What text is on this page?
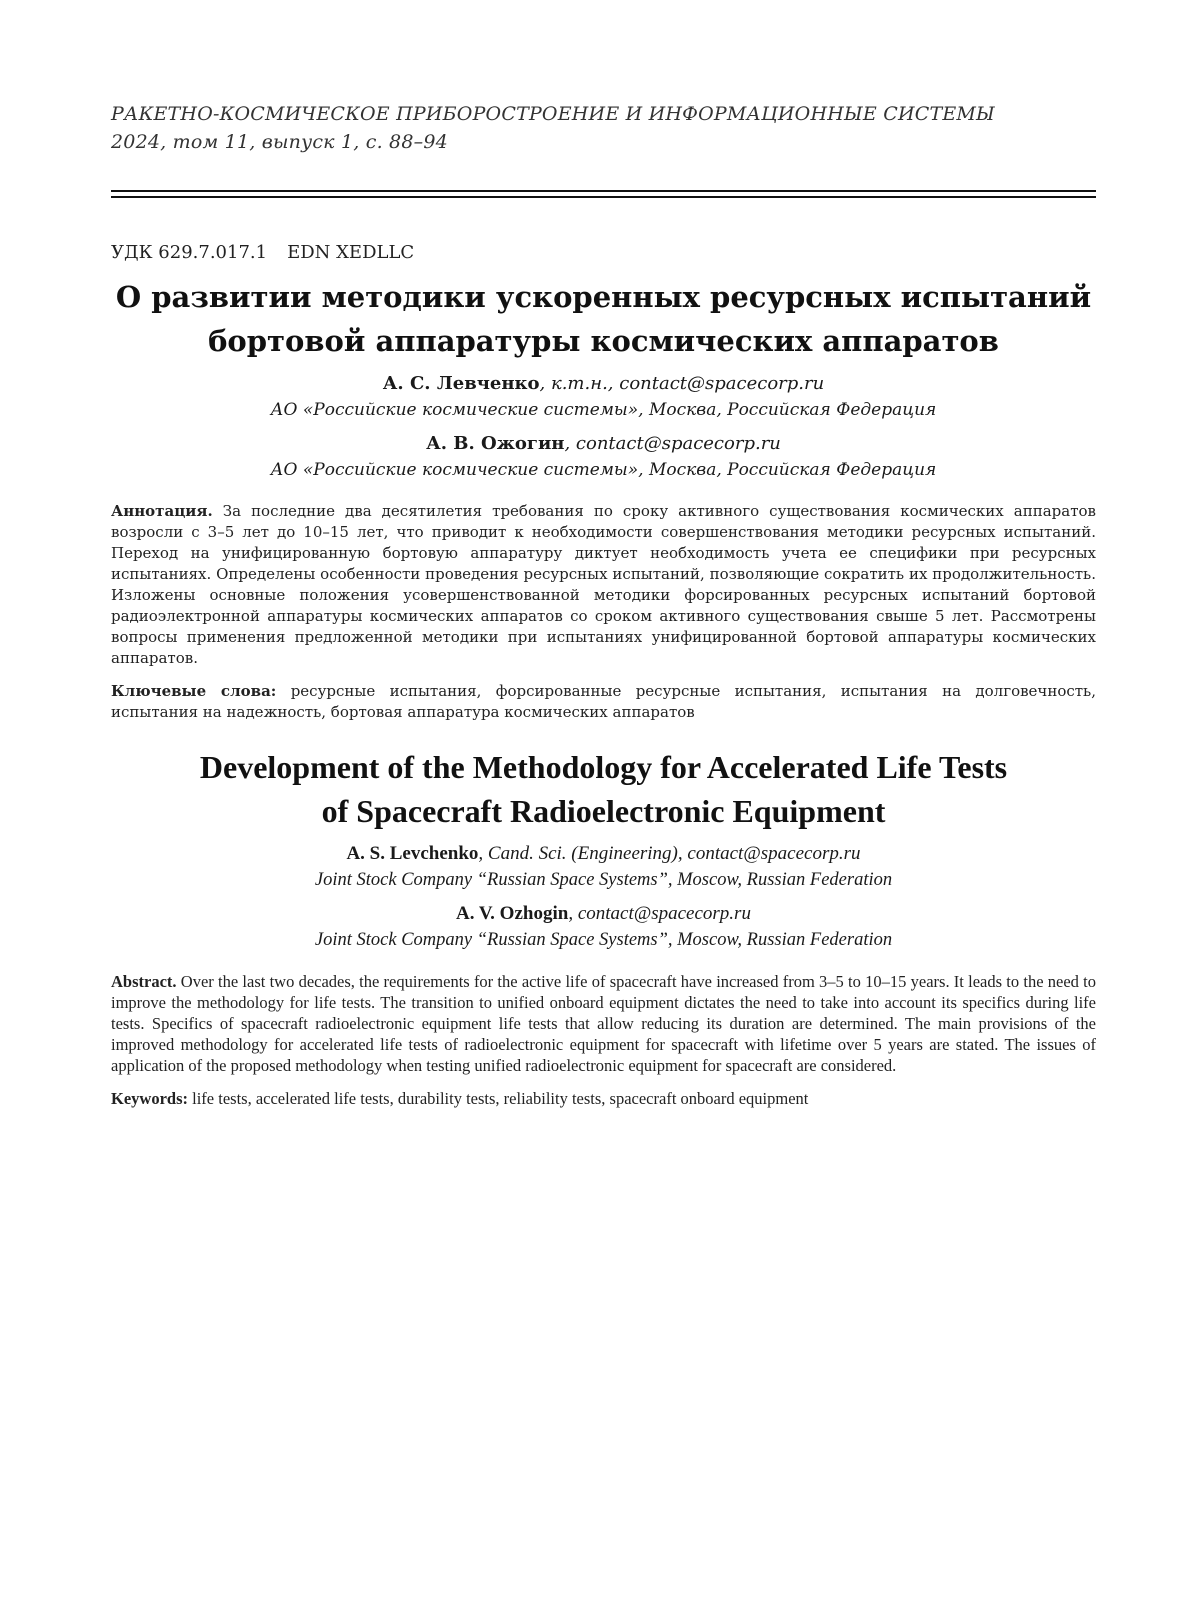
РАКЕТНО-КОСМИЧЕСКОЕ ПРИБОРОСТРОЕНИЕ И ИНФОРМАЦИОННЫЕ СИСТЕМЫ
2024, том 11, выпуск 1, с. 88–94
УДК 629.7.017.1 EDN XEDLLC
О развитии методики ускоренных ресурсных испытаний
бортовой аппаратуры космических аппаратов
А. С. Левченко, к.т.н., contact@spacecorp.ru
АО «Российские космические системы», Москва, Российская Федерация
А. В. Ожогин, contact@spacecorp.ru
АО «Российские космические системы», Москва, Российская Федерация
Аннотация. За последние два десятилетия требования по сроку активного существования космических аппаратов возросли с 3–5 лет до 10–15 лет, что приводит к необходимости совершенствования методики ресурсных испытаний. Переход на унифицированную бортовую аппаратуру диктует необходимость учета ее специфики при ресурсных испытаниях. Определены особенности проведения ресурсных испытаний, позволяющие сократить их продолжительность. Изложены основные положения усовершенствованной методики форсированных ресурсных испытаний бортовой радиоэлектронной аппаратуры космических аппаратов со сроком активного существования свыше 5 лет. Рассмотрены вопросы применения предложенной методики при испытаниях унифицированной бортовой аппаратуры космических аппаратов.
Ключевые слова: ресурсные испытания, форсированные ресурсные испытания, испытания на долговечность, испытания на надежность, бортовая аппаратура космических аппаратов
Development of the Methodology for Accelerated Life Tests
of Spacecraft Radioelectronic Equipment
A. S. Levchenko, Cand. Sci. (Engineering), contact@spacecorp.ru
Joint Stock Company “Russian Space Systems”, Moscow, Russian Federation
A. V. Ozhogin, contact@spacecorp.ru
Joint Stock Company “Russian Space Systems”, Moscow, Russian Federation
Abstract. Over the last two decades, the requirements for the active life of spacecraft have increased from 3–5 to 10–15 years. It leads to the need to improve the methodology for life tests. The transition to unified onboard equipment dictates the need to take into account its specifics during life tests. Specifics of spacecraft radioelectronic equipment life tests that allow reducing its duration are determined. The main provisions of the improved methodology for accelerated life tests of radioelectronic equipment for spacecraft with lifetime over 5 years are stated. The issues of application of the proposed methodology when testing unified radioelectronic equipment for spacecraft are considered.
Keywords: life tests, accelerated life tests, durability tests, reliability tests, spacecraft onboard equipment
